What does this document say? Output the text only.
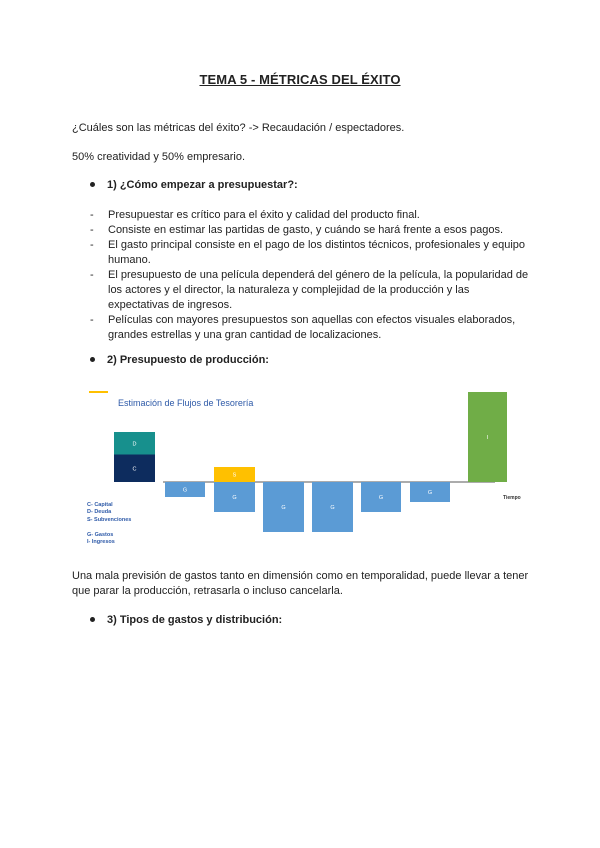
TEMA 5 - MÉTRICAS DEL ÉXITO
¿Cuáles son las métricas del éxito? -> Recaudación / espectadores.
50% creatividad y 50% empresario.
1) ¿Cómo empezar a presupuestar?:
- Presupuestar es crítico para el éxito y calidad del producto final.
- Consiste en estimar las partidas de gasto, y cuándo se hará frente a esos pagos.
- El gasto principal consiste en el pago de los distintos técnicos, profesionales y equipo humano.
- El presupuesto de una película dependerá del género de la película, la popularidad de los actores y el director, la naturaleza y complejidad de la producción y las expectativas de ingresos.
- Películas con mayores presupuestos son aquellas con efectos visuales elaborados, grandes estrellas y una gran cantidad de localizaciones.
2) Presupuesto de producción:
Estimación de Flujos de Tesorería
Tiempo
C
D
G
G
S
G	G
G
G
I
C- Capital
D- Deuda
S- Subvenciones
G- Gastos
I- Ingresos
Una mala previsión de gastos tanto en dimensión como en temporalidad, puede llevar a tener que parar la producción, retrasarla o incluso cancelarla.
3) Tipos de gastos y distribución:
